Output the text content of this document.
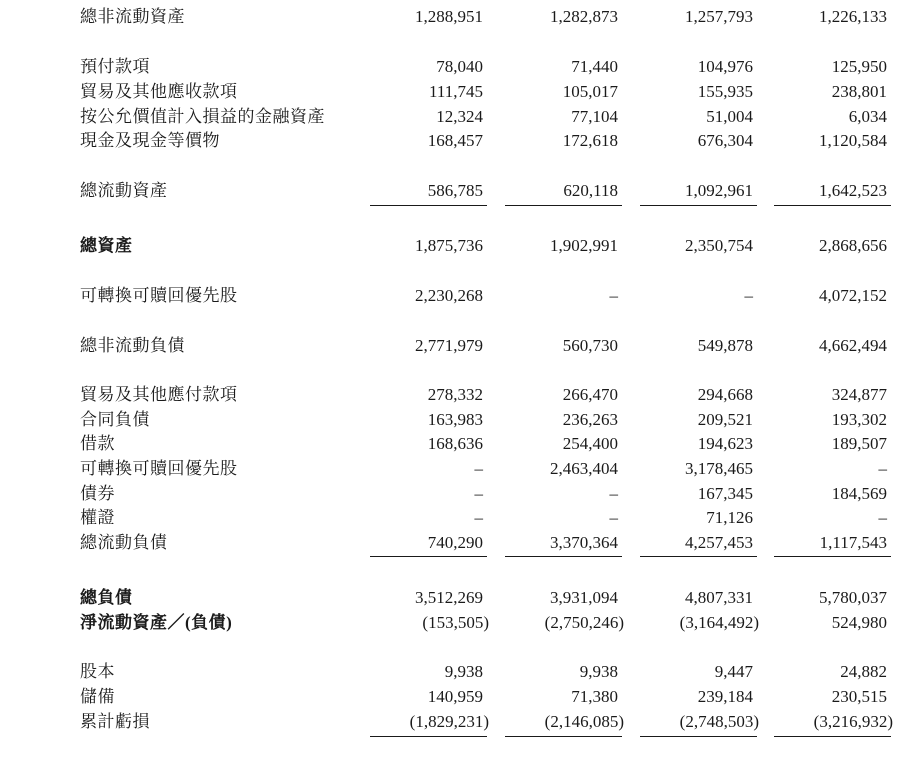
總非流動資產	1,288,951	1,282,873	1,257,793	1,226,133
預付款項	78,040	71,440	104,976	125,950
貿易及其他應收款項	111,745	105,017	155,935	238,801
按公允價值計入損益的金融資產	12,324	77,104	51,004	6,034
現金及現金等價物	168,457	172,618	676,304	1,120,584
總流動資產	586,785	620,118	1,092,961	1,642,523
總資產	1,875,736	1,902,991	2,350,754	2,868,656
可轉換可贖回優先股	2,230,268	–	–	4,072,152
總非流動負債	2,771,979	560,730	549,878	4,662,494
貿易及其他應付款項	278,332	266,470	294,668	324,877
合同負債	163,983	236,263	209,521	193,302
借款	168,636	254,400	194,623	189,507
可轉換可贖回優先股	–	2,463,404	3,178,465	–
債券	–	–	167,345	184,569
權證	–	–	71,126	–
總流動負債	740,290	3,370,364	4,257,453	1,117,543
總負債	3,512,269	3,931,094	4,807,331	5,780,037
淨流動資產／(負債)	(153,505)	(2,750,246)	(3,164,492)	524,980
股本	9,938	9,938	9,447	24,882
儲備	140,959	71,380	239,184	230,515
累計虧損	(1,829,231)	(2,146,085)	(2,748,503)	(3,216,932)
